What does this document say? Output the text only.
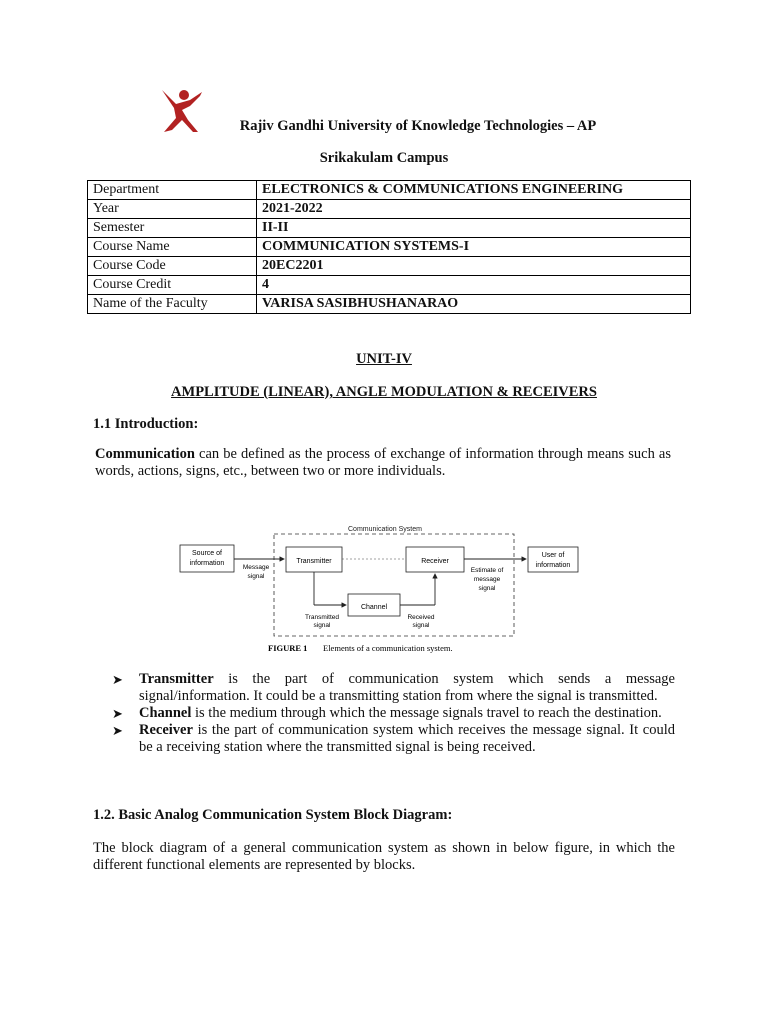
Rajiv Gandhi University of Knowledge Technologies – AP
Srikakulam Campus
Department	ELECTRONICS & COMMUNICATIONS ENGINEERING
Year	2021-2022
Semester	II-II
Course Name	COMMUNICATION SYSTEMS-I
Course Code	20EC2201
Course Credit	4
Name of the Faculty	VARISA SASIBHUSHANARAO
UNIT-IV
AMPLITUDE (LINEAR), ANGLE MODULATION & RECEIVERS
1.1 Introduction:
Communication can be defined as the process of exchange of information through means such as words, actions, signs, etc., between two or more individuals.
Communication System
Source of
information	Transmitter	Receiver
User of
information
Channel
Message
signal
Transmitted
signal
Received
signal
Estimate of
message
signal
FIGURE 1 Elements of a communication system.
➤ Transmitter is the part of communication system which sends a message signal/information. It could be a transmitting station from where the signal is transmitted.
➤ Channel is the medium through which the message signals travel to reach the destination.
➤ Receiver is the part of communication system which receives the message signal. It could be a receiving station where the transmitted signal is being received.
1.2. Basic Analog Communication System Block Diagram:
The block diagram of a general communication system as shown in below figure, in which the different functional elements are represented by blocks.
